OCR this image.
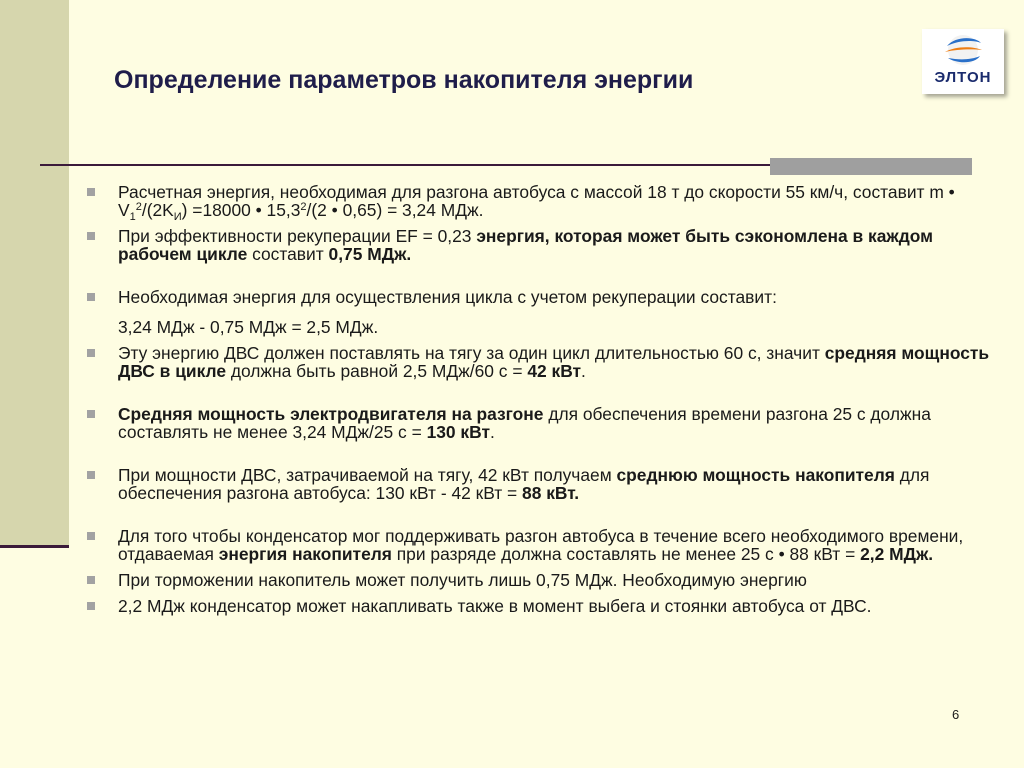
Определение параметров накопителя энергии	ЭЛТОН

Расчетная энергия, необходимая для разгона автобуса с массой 18 т до скорости 55 км/ч, составит m • $V_1^2/(2K_И) =18000$ • 15,3$^2$/(2 • 0,65) = 3,24 МДж.

При эффективности рекуперации EF = 0,23 энергия, которая может быть сэкономлена в каждом рабочем цикле составит 0,75 МДж.

Необходимая энергия для осуществления цикла с учетом рекуперации составит:

3,24 МДж - 0,75 МДж = 2,5 МДж.

Эту энергию ДВС должен поставлять на тягу за один цикл длительностью 60 с, значит средняя мощность ДВС в цикле должна быть равной 2,5 МДж/60 с = 42 кВт.

Средняя мощность электродвигателя на разгоне для обеспечения времени разгона 25 с должна составлять не менее 3,24 МДж/25 с = 130 кВт.

При мощности ДВС, затрачиваемой на тягу, 42 кВт получаем среднюю мощность накопителя для обеспечения разгона автобуса: 130 кВт - 42 кВт = 88 кВт.

Для того чтобы конденсатор мог поддерживать разгон автобуса в течение всего необходимого времени, отдаваемая энергия накопителя при разряде должна составлять не менее 25 с • 88 кВт = 2,2 МДж.

При торможении накопитель может получить лишь 0,75 МДж. Необходимую энергию

2,2 МДж конденсатор может накапливать также в момент выбега и стоянки автобуса от ДВС.

6
